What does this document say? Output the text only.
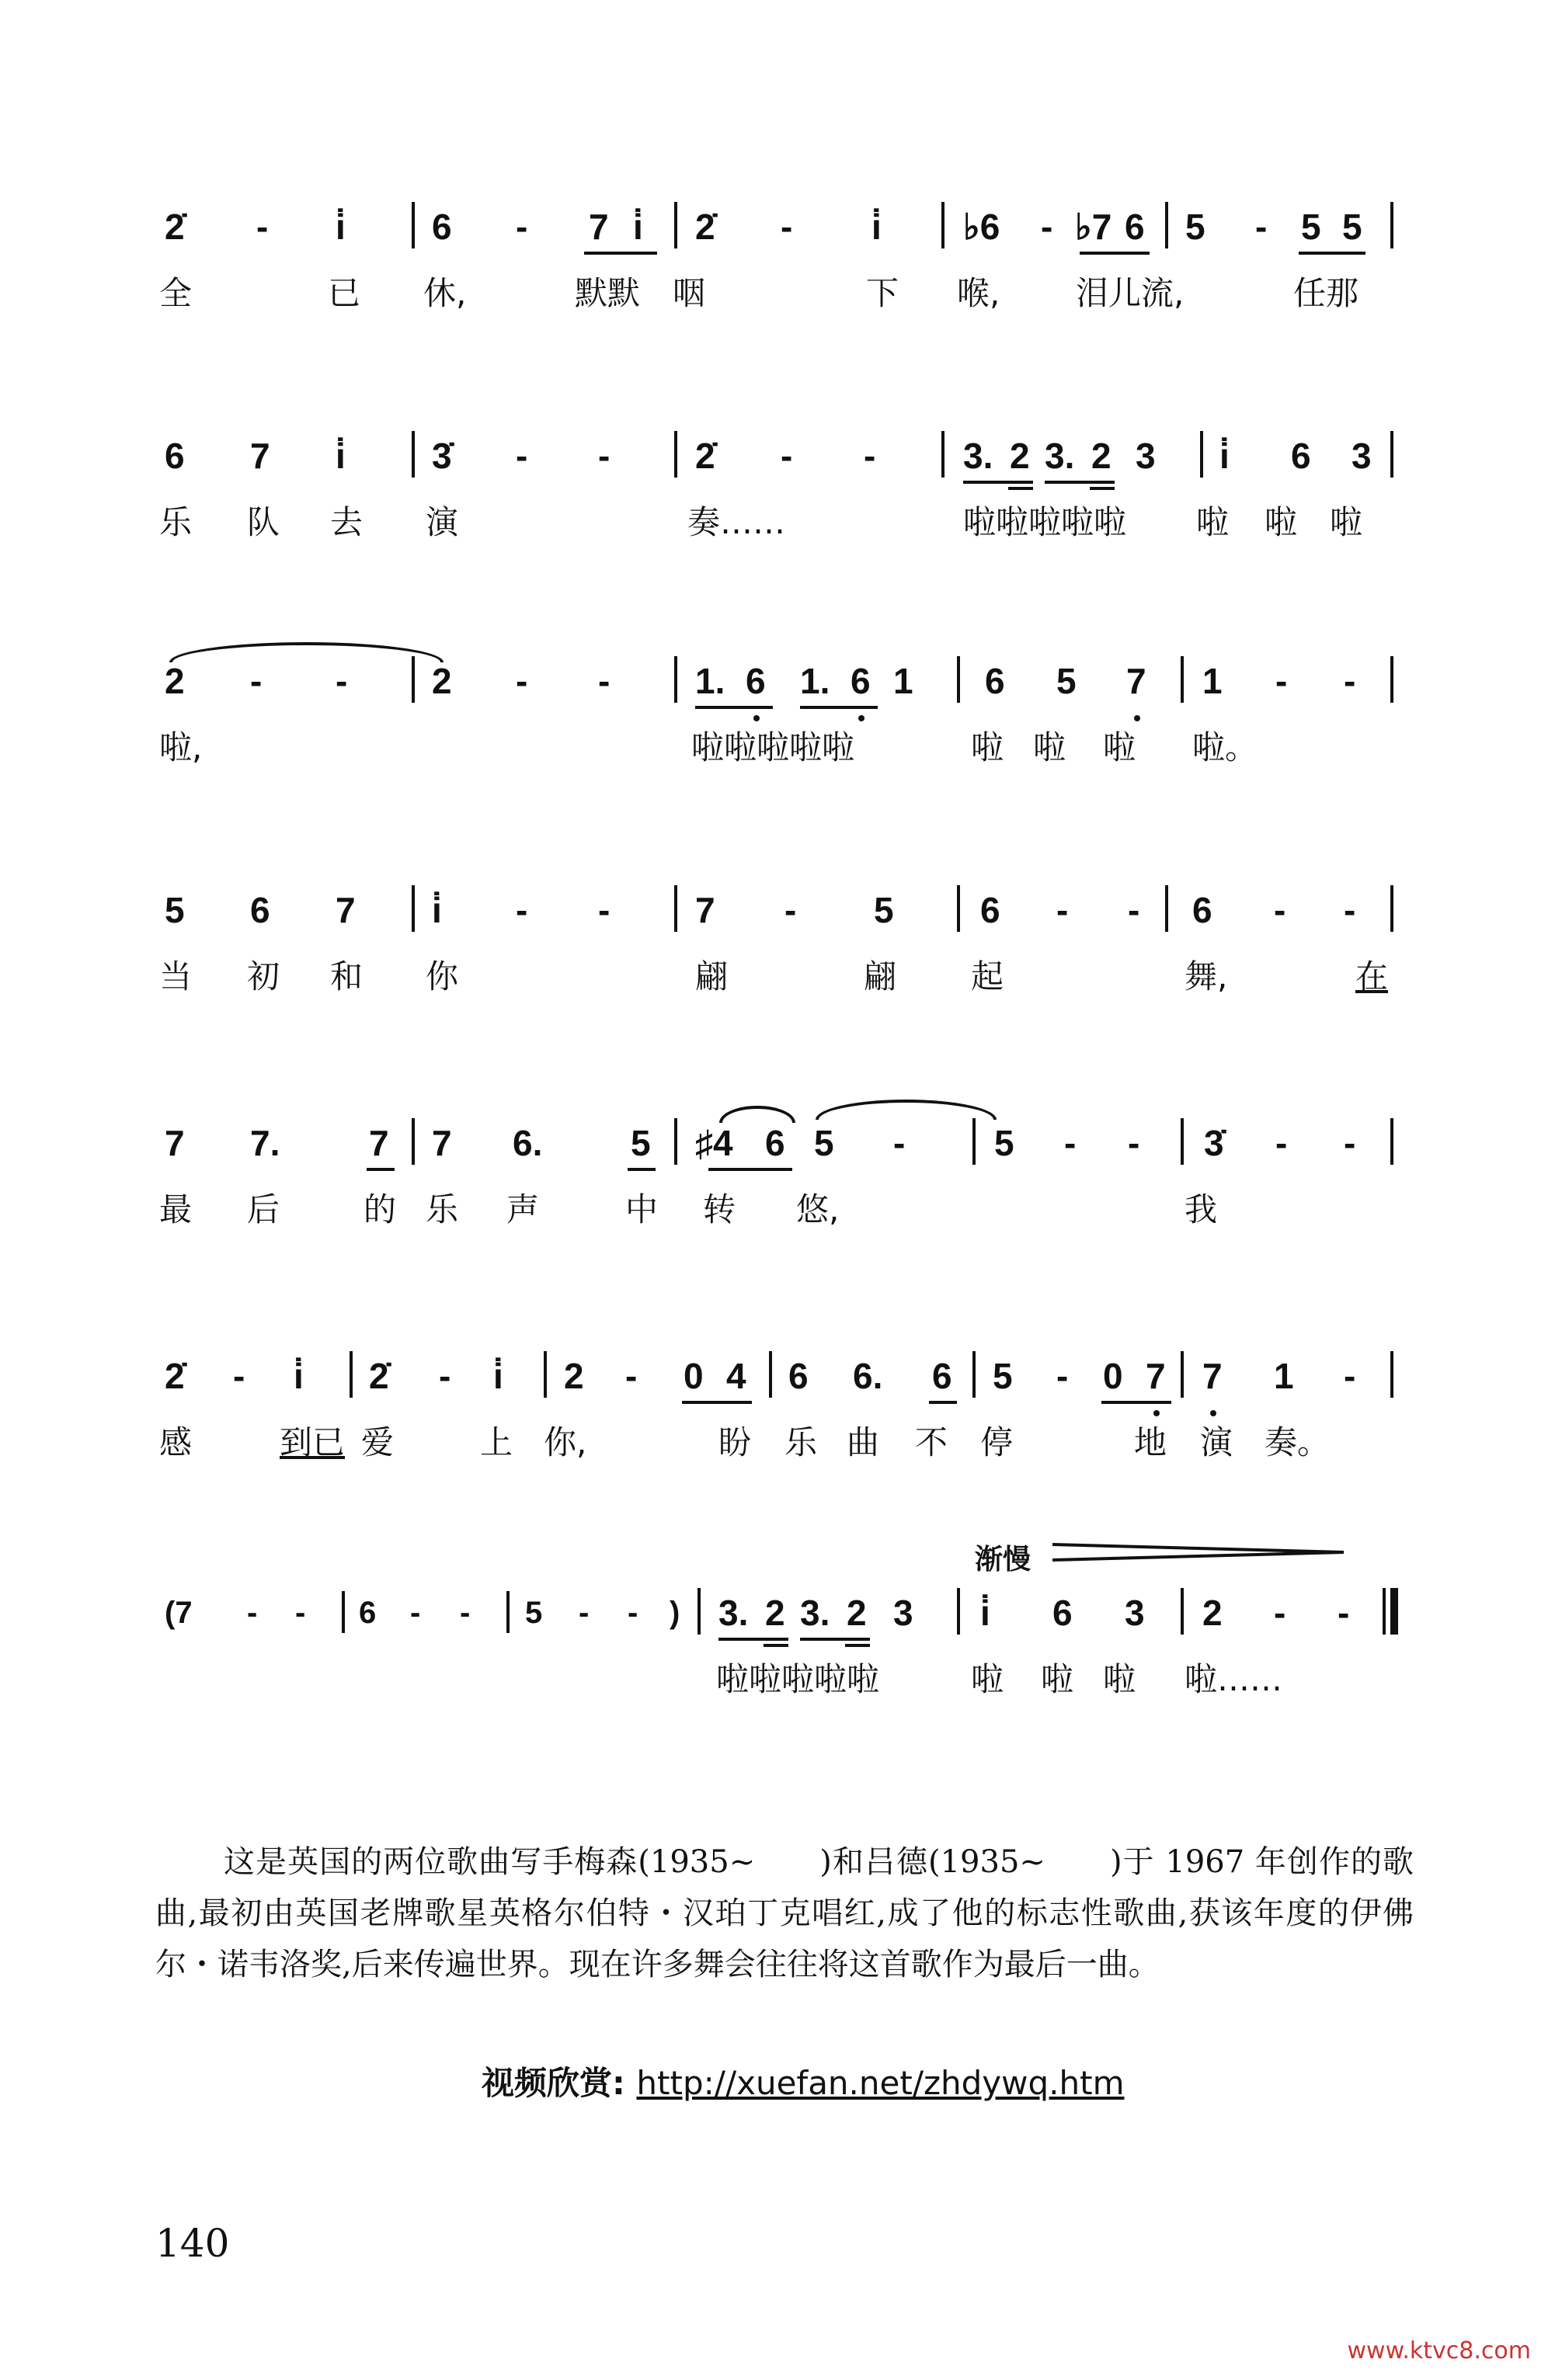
2̇ - i̇ 6 - 7 i̇ 2̇ - i̇ ♭6 - ♭7 6 5 - 5 5
全	已 休,	默默 咽	下 喉, 泪儿流,	任那
6 7 i̇ 3̇ - - 2̇ - - 3. 2 3. 2 3 i̇ 6 3
乐 队 去 演	奏……	啦啦啦啦啦 啦 啦 啦
2 - - 2 - - 1. 6 1. 6 1 6 5 7 1 - -
啦,	啦啦啦啦啦	啦 啦 啦 啦。
5 6 7 i̇ - - 7 - 5 6 - - 6 - -
当 初 和 你	翩	翩 起	舞,	在
7 7. 7 7 6. 5 ♯4 6 5 - 5 - - 3̇ - -
最 后	的 乐 声	中 转 悠,	我
2̇ - i̇ 2̇ - i̇ 2 - 0 4 6 6. 6 5 - 0 7 7 1 -
感	到已 爱	上 你,	盼 乐 曲 不 停	地 演 奏。
渐慢
(7 - - 6 - - 5 - - ) 3. 2 3. 2 3 i̇ 6 3 2 - -
啦啦啦啦啦	啦 啦 啦 啦……

这是英国的两位歌曲写手梅森(1935~　　)和吕德(1935~　　)于 1967 年创作的歌曲,最初由英国老牌歌星英格尔伯特・汉珀丁克唱红,成了他的标志性歌曲,获该年度的伊佛尔・诺韦洛奖,后来传遍世界。现在许多舞会往往将这首歌作为最后一曲。

视频欣赏: http://xuefan.net/zhdywq.htm
140
www.ktvc8.com
